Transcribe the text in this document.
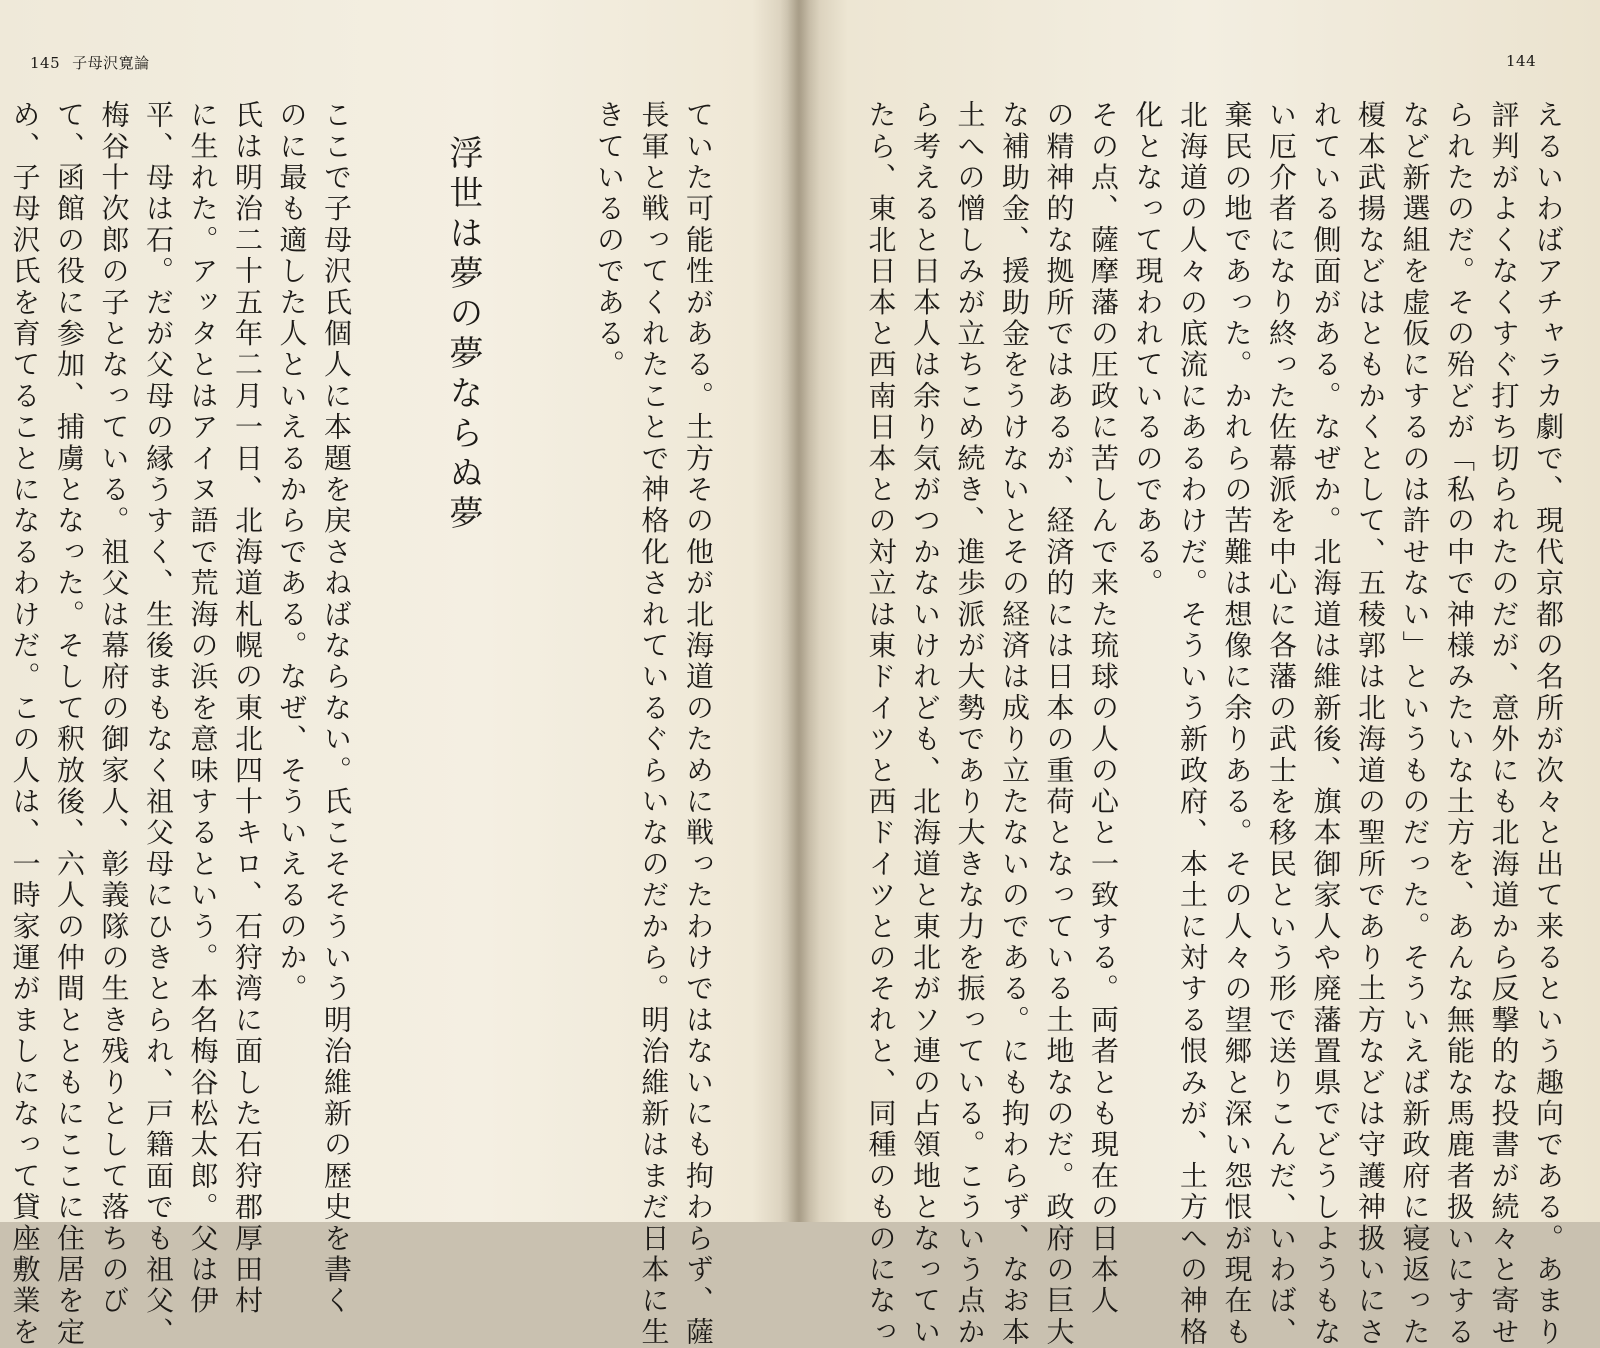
145 子母沢寛論
ていた可能性がある。土方その他が北海道のために戦ったわけではないにも拘わらず、薩
長軍と戦ってくれたことで神格化されているぐらいなのだから。明治維新はまだ日本に生
きているのである。
浮世は夢の夢ならぬ夢
ここで子母沢氏個人に本題を戻さねばならない。氏こそそういう明治維新の歴史を書く
のに最も適した人といえるからである。なぜ、そういえるのか。
氏は明治二十五年二月一日、北海道札幌の東北四十キロ、石狩湾に面した石狩郡厚田村
に生れた。アッタとはアイヌ語で荒海の浜を意味するという。本名梅谷松太郎。父は伊
平、母は石。だが父母の縁うすく、生後まもなく祖父母にひきとられ、戸籍面でも祖父、
梅谷十次郎の子となっている。祖父は幕府の御家人、彰義隊の生き残りとして落ちのび
て、函館の役に参加、捕虜となった。そして釈放後、六人の仲間とともにここに住居を定
め、子母沢氏を育てることになるわけだ。この人は、一時家運がましになって貸座敷業を
144
えるいわばアチャラカ劇で、現代京都の名所が次々と出て来るという趣向である。あまり
評判がよくなくすぐ打ち切られたのだが、意外にも北海道から反撃的な投書が続々と寄せ
られたのだ。その殆どが「私の中で神様みたいな土方を、あんな無能な馬鹿者扱いにする
など新選組を虚仮にするのは許せない」というものだった。そういえば新政府に寝返った
榎本武揚などはともかくとして、五稜郭は北海道の聖所であり土方などは守護神扱いにさ
れている側面がある。なぜか。北海道は維新後、旗本御家人や廃藩置県でどうしようもな
い厄介者になり終った佐幕派を中心に各藩の武士を移民という形で送りこんだ、いわば、
棄民の地であった。かれらの苦難は想像に余りある。その人々の望郷と深い怨恨が現在も
北海道の人々の底流にあるわけだ。そういう新政府、本土に対する恨みが、土方への神格
化となって現われているのである。
その点、薩摩藩の圧政に苦しんで来た琉球の人の心と一致する。両者とも現在の日本人
の精神的な拠所ではあるが、経済的には日本の重荷となっている土地なのだ。政府の巨大
な補助金、援助金をうけないとその経済は成り立たないのである。にも拘わらず、なお本
土への憎しみが立ちこめ続き、進歩派が大勢であり大きな力を振っている。こういう点か
ら考えると日本人は余り気がつかないけれども、北海道と東北がソ連の占領地となってい
たら、東北日本と西南日本との対立は東ドイツと西ドイツとのそれと、同種のものになっ
